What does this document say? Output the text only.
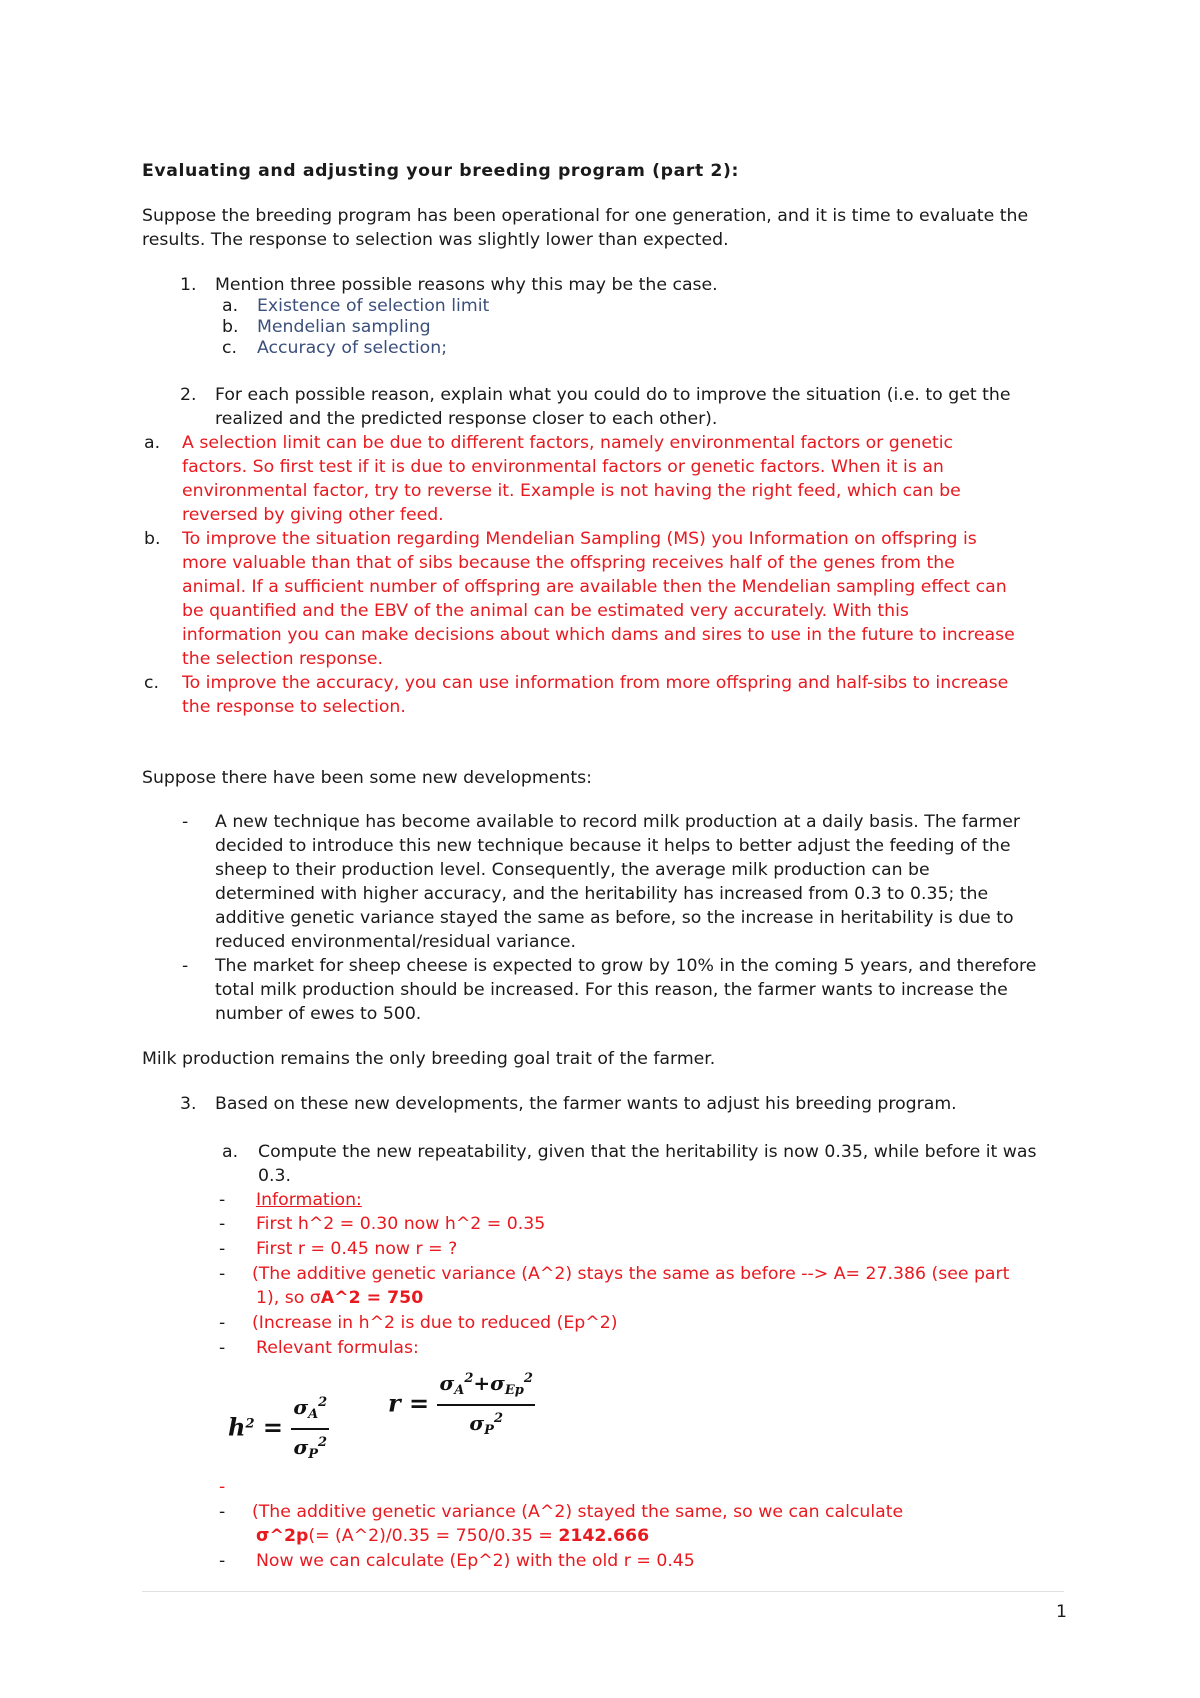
Evaluating and adjusting your breeding program (part 2):
Suppose the breeding program has been operational for one generation, and it is time to evaluate the
results. The response to selection was slightly lower than expected.
1. Mention three possible reasons why this may be the case.
a. Existence of selection limit
b. Mendelian sampling
c. Accuracy of selection;
2. For each possible reason, explain what you could do to improve the situation (i.e. to get the
realized and the predicted response closer to each other).
a. A selection limit can be due to different factors, namely environmental factors or genetic
factors. So first test if it is due to environmental factors or genetic factors. When it is an
environmental factor, try to reverse it. Example is not having the right feed, which can be
reversed by giving other feed.
b. To improve the situation regarding Mendelian Sampling (MS) you Information on offspring is
more valuable than that of sibs because the offspring receives half of the genes from the
animal. If a sufficient number of offspring are available then the Mendelian sampling effect can
be quantified and the EBV of the animal can be estimated very accurately. With this
information you can make decisions about which dams and sires to use in the future to increase
the selection response.
c. To improve the accuracy, you can use information from more offspring and half-sibs to increase
the response to selection.
Suppose there have been some new developments:
- A new technique has become available to record milk production at a daily basis. The farmer
decided to introduce this new technique because it helps to better adjust the feeding of the
sheep to their production level. Consequently, the average milk production can be
determined with higher accuracy, and the heritability has increased from 0.3 to 0.35; the
additive genetic variance stayed the same as before, so the increase in heritability is due to
reduced environmental/residual variance.
- The market for sheep cheese is expected to grow by 10% in the coming 5 years, and therefore
total milk production should be increased. For this reason, the farmer wants to increase the
number of ewes to 500.
Milk production remains the only breeding goal trait of the farmer.
3. Based on these new developments, the farmer wants to adjust his breeding program.
a. Compute the new repeatability, given that the heritability is now 0.35, while before it was
0.3.
- Information:
- First h^2 = 0.30 now h^2 = 0.35
- First r = 0.45 now r = ?
- (The additive genetic variance (A^2) stays the same as before --> A= 27.386 (see part
1), so σA^2 = 750
- (Increase in h^2 is due to reduced (Ep^2)
- Relevant formulas:
$h^2 = \frac{\sigma_A^2}{\sigma_P^2}$ $r = \frac{\sigma_A^2+\sigma_{Ep}^2}{\sigma_P^2}$
-
- (The additive genetic variance (A^2) stayed the same, so we can calculate
σ^2p(= (A^2)/0.35 = 750/0.35 = 2142.666
- Now we can calculate (Ep^2) with the old r = 0.45
1
